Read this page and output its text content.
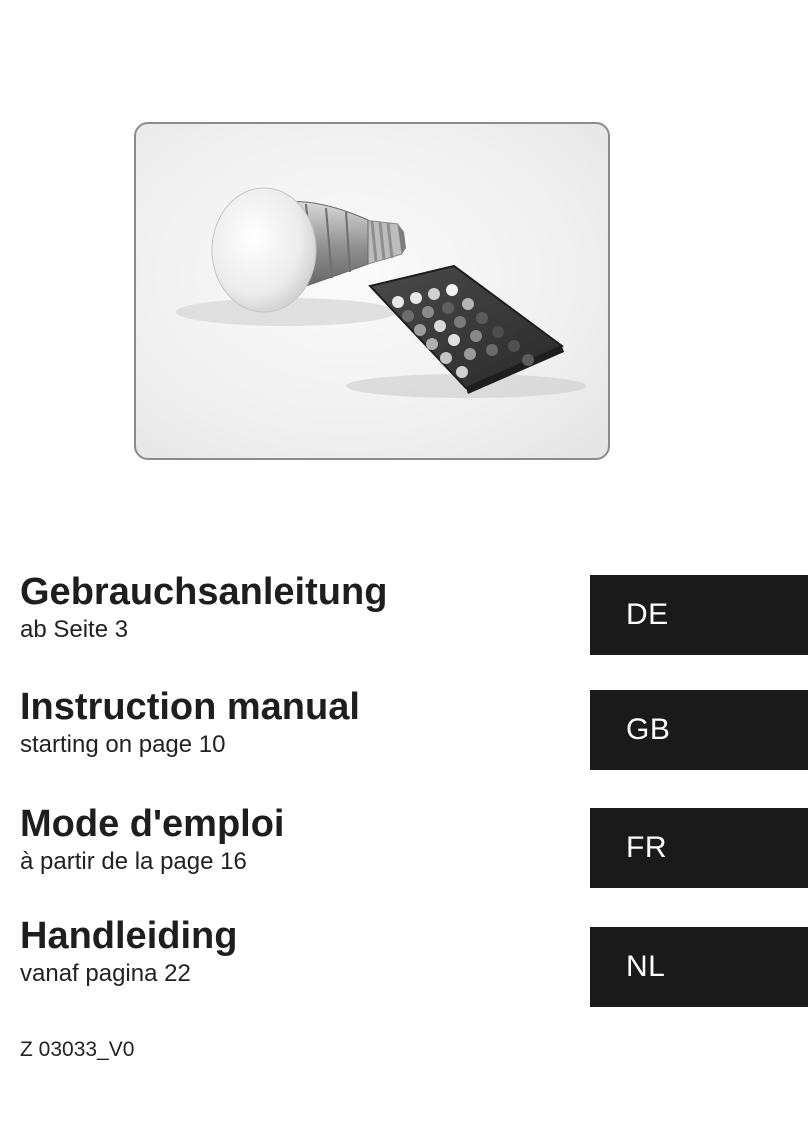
Gebrauchsanleitung
ab Seite 3	DE
Instruction manual
starting on page 10	GB
Mode d'emploi
à partir de la page 16	FR
Handleiding
vanaf pagina 22	NL
Z 03033_V0
